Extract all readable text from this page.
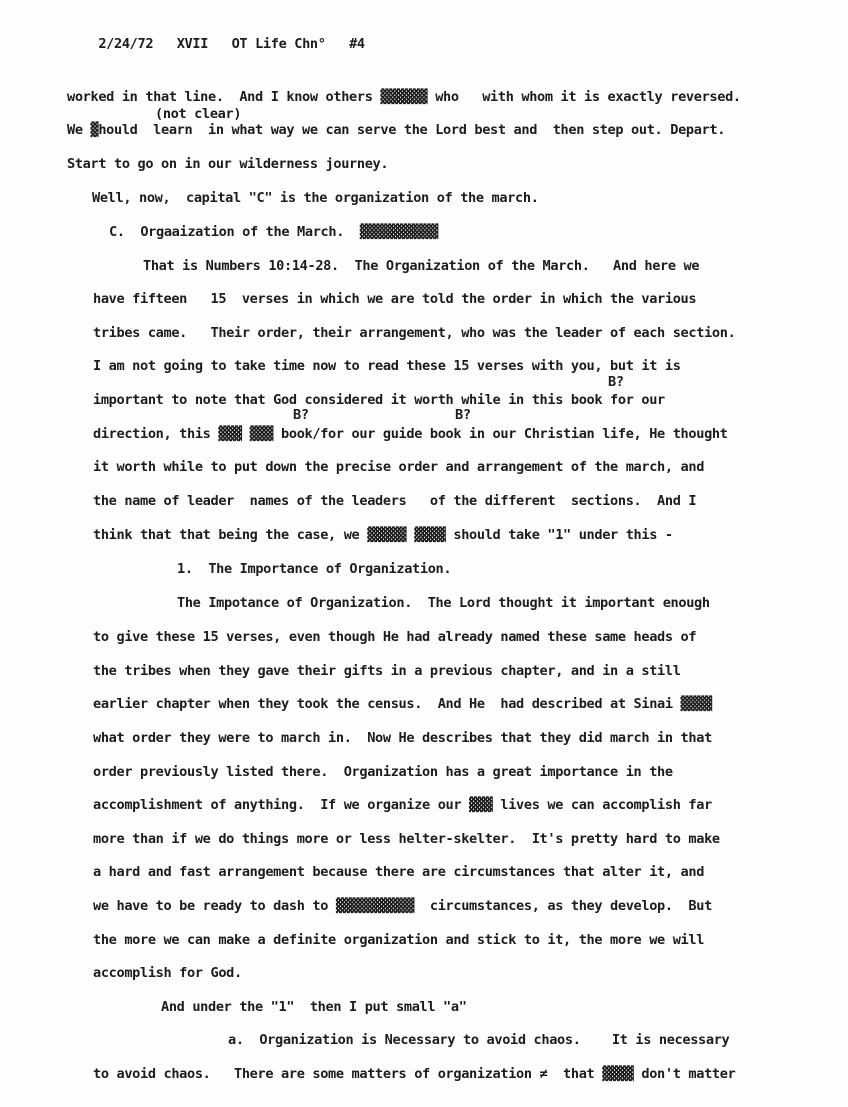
2/24/72 XVII OT Life Chn° #4

(not clear)
B?
B?	B?
worked in that line.  And I know others ▓▓▓▓▓▓ who   with whom it is exactly reversed.
We ▓hould  learn  in what way we can serve the Lord best and  then step out. Depart.
Start to go on in our wilderness journey.
Well, now,  capital "C" is the organization of the march.
C.  Orgaaization of the March.  ▓▓▓▓▓▓▓▓▓▓
That is Numbers 10:14-28.  The Organization of the March.   And here we
have fifteen   15  verses in which we are told the order in which the various
tribes came.   Their order, their arrangement, who was the leader of each section.
I am not going to take time now to read these 15 verses with you, but it is
important to note that God considered it worth while in this book for our
direction, this ▓▓▓ ▓▓▓ book/for our guide book in our Christian life, He thought
it worth while to put down the precise order and arrangement of the march, and
the name of leader  names of the leaders   of the different  sections.  And I
think that that being the case, we ▓▓▓▓▓ ▓▓▓▓ should take "1" under this -
1.  The Importance of Organization.
The Impotance of Organization.  The Lord thought it important enough
to give these 15 verses, even though He had already named these same heads of
the tribes when they gave their gifts in a previous chapter, and in a still
earlier chapter when they took the census.  And He  had described at Sinai ▓▓▓▓
what order they were to march in.  Now He describes that they did march in that
order previously listed there.  Organization has a great importance in the
accomplishment of anything.  If we organize our ▓▓▓ lives we can accomplish far
more than if we do things more or less helter-skelter.  It's pretty hard to make
a hard and fast arrangement because there are circumstances that alter it, and
we have to be ready to dash to ▓▓▓▓▓▓▓▓▓▓  circumstances, as they develop.  But
the more we can make a definite organization and stick to it, the more we will
accomplish for God.
And under the "1"  then I put small "a"
a.  Organization is Necessary to avoid chaos.    It is necessary
to avoid chaos.   There are some matters of organization ≠  that ▓▓▓▓ don't matter
